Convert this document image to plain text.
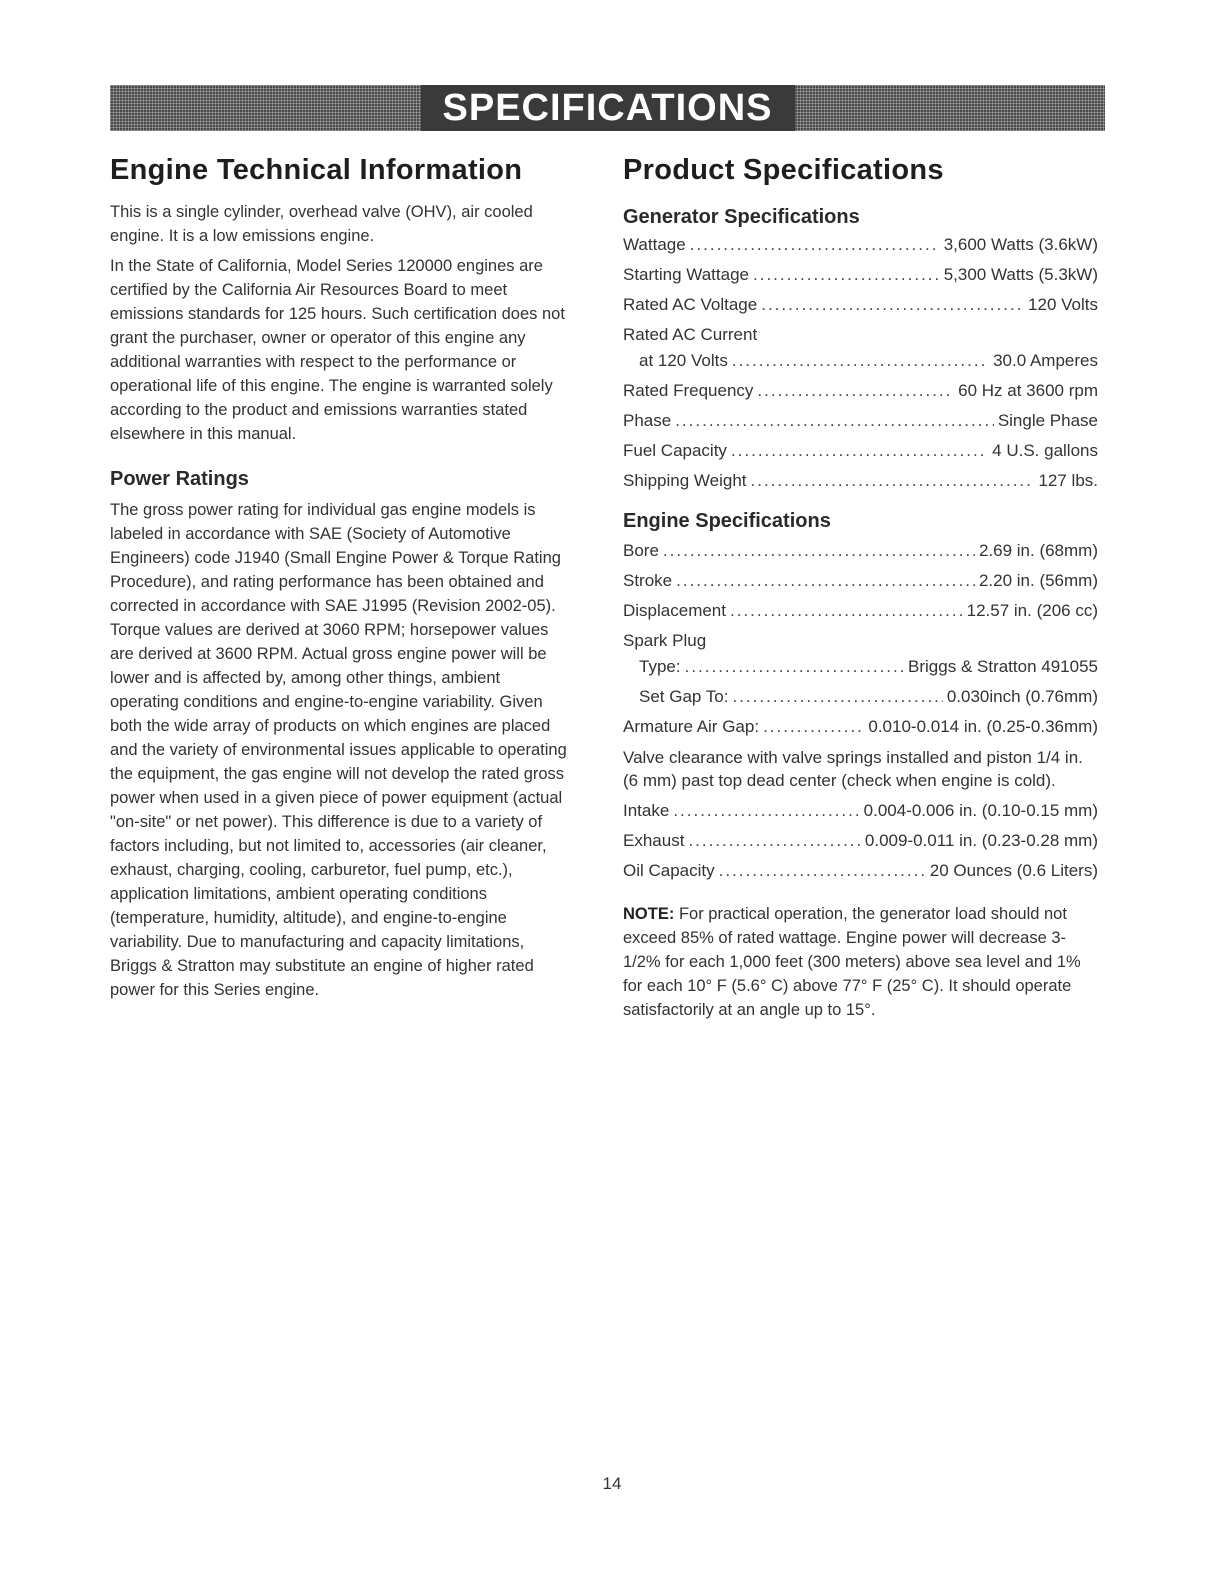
SPECIFICATIONS
Engine Technical Information

This is a single cylinder, overhead valve (OHV), air cooled engine. It is a low emissions engine.

In the State of California, Model Series 120000 engines are certified by the California Air Resources Board to meet emissions standards for 125 hours. Such certification does not grant the purchaser, owner or operator of this engine any additional warranties with respect to the performance or operational life of this engine. The engine is warranted solely according to the product and emissions warranties stated elsewhere in this manual.

Power Ratings

The gross power rating for individual gas engine models is labeled in accordance with SAE (Society of Automotive Engineers) code J1940 (Small Engine Power & Torque Rating Procedure), and rating performance has been obtained and corrected in accordance with SAE J1995 (Revision 2002-05). Torque values are derived at 3060 RPM; horsepower values are derived at 3600 RPM. Actual gross engine power will be lower and is affected by, among other things, ambient operating conditions and engine-to-engine variability. Given both the wide array of products on which engines are placed and the variety of environmental issues applicable to operating the equipment, the gas engine will not develop the rated gross power when used in a given piece of power equipment (actual "on-site" or net power). This difference is due to a variety of factors including, but not limited to, accessories (air cleaner, exhaust, charging, cooling, carburetor, fuel pump, etc.), application limitations, ambient operating conditions (temperature, humidity, altitude), and engine-to-engine variability. Due to manufacturing and capacity limitations, Briggs & Stratton may substitute an engine of higher rated power for this Series engine.

Product Specifications
Generator Specifications
Wattage .....	3,600 Watts (3.6kW)
Starting Wattage .....	5,300 Watts (5.3kW)
Rated AC Voltage .....	120 Volts
Rated AC Current
at 120 Volts .....	30.0 Amperes
Rated Frequency .....	60 Hz at 3600 rpm
Phase .....	Single Phase
Fuel Capacity .....	4 U.S. gallons
Shipping Weight .....	127 lbs.
Engine Specifications
Bore .....	2.69 in. (68mm)
Stroke .....	2.20 in. (56mm)
Displacement .....	12.57 in. (206 cc)
Spark Plug
Type: .....	Briggs & Stratton 491055
Set Gap To: .....	0.030inch (0.76mm)
Armature Air Gap: .....	0.010-0.014 in. (0.25-0.36mm)
Valve clearance with valve springs installed and piston 1/4 in. (6 mm) past top dead center (check when engine is cold).
Intake .....	0.004-0.006 in. (0.10-0.15 mm)
Exhaust .....	0.009-0.011 in. (0.23-0.28 mm)
Oil Capacity .....	20 Ounces (0.6 Liters)
NOTE: For practical operation, the generator load should not exceed 85% of rated wattage. Engine power will decrease 3-1/2% for each 1,000 feet (300 meters) above sea level and 1% for each 10° F (5.6° C) above 77° F (25° C). It should operate satisfactorily at an angle up to 15°.
14
